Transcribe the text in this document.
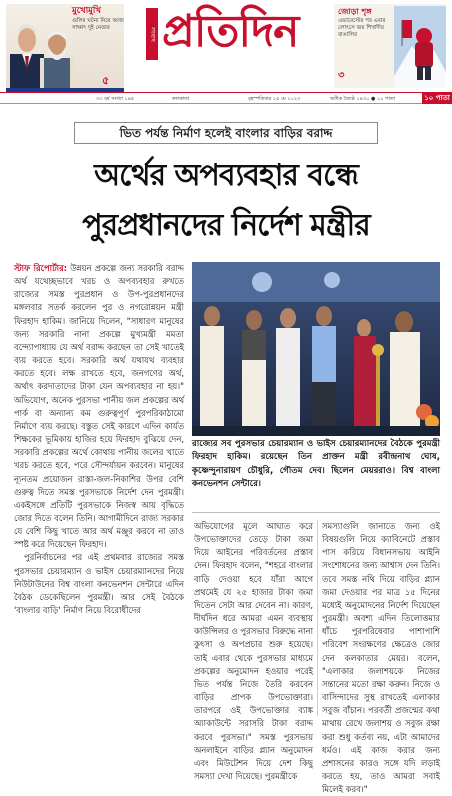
মুখোমুখি
গুলির ঘটনা নিয়ে আজ সাক্ষাৎ দুই নেতার
৫
সংবাদ প্রতিদিন	জোড়া শৃঙ্গ
এভারেস্টের পর এবার লোৎসে জয় শিখাদীর বাঙালির
৩
৩৩ বর্ষ সংখ্যা ১৪৫	কলকাতা	বৃহস্পতিবার ২৫ মে ২০২৩	অধিক জ্যৈষ্ঠ ১৪৩০ ● ১০ পাতা	১০ পাতা
ভিত পর্যন্ত নির্মাণ হলেই বাংলার বাড়ির বরাদ্দ
অর্থের অপব্যবহার বন্ধে
পুরপ্রধানদের নির্দেশ মন্ত্রীর

স্টাফ রিপোর্টার: উন্নয়ন প্রকল্পে জন্য সরকারি বরাদ্দ অর্থ যথেচ্ছভাবে খরচ ও অপব্যবহার রুখতে রাজ্যের সমস্ত পুরপ্রধান ও উপ-পুরপ্রধানদের মঙ্গলবার সতর্ক করলেন পুর ও নগরোন্নয়ন মন্ত্রী ফিরহাদ হাকিম। জানিয়ে দিলেন, "সাধারণ মানুষের জন্য সরকারি নানা প্রকল্পে মুখ্যমন্ত্রী মমতা বন্দ্যোপাধ্যায় যে অর্থ বরাদ্দ করছেন তা সেই খাতেই ব্যয় করতে হবে। সরকারি অর্থ যথাযথ ব্যবহার করতে হবে। লক্ষ রাখতে হবে, জনগণের অর্থ, অর্থাৎ করদাতাদের টাকা যেন অপব্যবহার না হয়।" অভিযোগ, অনেক পুরসভা পানীয় জল প্রকল্পের অর্থ পার্ক বা অন্যান্য কম গুরুত্বপূর্ণ পুরপরিকাঠামো নির্মাণে ব্যয় করছে। বস্তুত সেই কারণে এদিন কার্যত শিক্ষকের ভূমিকায় হাজির হয়ে ফিরহাদ বুঝিয়ে দেন, সরকারি প্রকল্পের অর্থে কোথায় পানীয় জলের খাতে খরচ করতে হবে, পরে সৌন্দর্যায়ন করবেন। মানুষের ন্যূনতম প্রয়োজন রাস্তা-জল-নিকাশির উপর বেশি গুরুত্ব দিতে সমস্ত পুরসভাকে নির্দেশ দেন পুরমন্ত্রী। একইসঙ্গে প্রতিটি পুরসভাকে নিজস্ব আয় বৃদ্ধিতে জোর দিতে বলেন তিনি। আগামীদিনে রাজ্য সরকার যে বেশি কিছু খাতে আর অর্থ মঞ্জুর করবে না তাও স্পষ্ট করে দিয়েছেন ফিরহাদ।

পুরনির্বাচনের পর এই প্রথমবার রাজ্যের সমস্ত পুরসভার চেয়ারম্যান ও ভাইস চেয়ারম্যানদের নিয়ে নিউটাউনের বিশ্ব বাংলা কনভেনশন সেন্টারে এদিন বৈঠক ডেকেছিলেন পুরমন্ত্রী। আর সেই বৈঠকে 'বাংলার বাড়ি' নির্মাণ নিয়ে বিরোধীদের

রাজ্যের সব পুরসভার চেয়ারম্যান ও ভাইস চেয়ারম্যানদের বৈঠকে পুরমন্ত্রী ফিরহাদ হাকিম। রয়েছেন তিন প্রাক্তন মন্ত্রী রবীন্দ্রনাথ ঘোষ, কৃষ্ণেন্দুনারায়ণ চৌধুরি, গৌতম দেব। ছিলেন মেয়ররাও। বিশ্ব বাংলা কনভেনশন সেন্টারে।

অভিযোগের মূলে আঘাত করে উপভোক্তাদের তেড়ে টাকা জমা দিয়ে আইনের পরিবর্তনের প্রস্তাব দেন। ফিরহাদ বলেন, "শহরে বাংলার বাড়ি দেওয়া হবে যাঁরা আগে প্রথমেই যে ২৫ হাজার টাকা জমা দিতেন সেটা আর দেবেন না। কারণ, দীর্ঘদিন ধরে আমরা এমন ব্যবস্থায় কাউন্সিলর ও পুরসভার বিরুদ্ধে নানা কুৎসা ও অপপ্রচার শুরু হয়েছে। তাই এবার থেকে পুরসভার মাধ্যমে প্রকল্পের অনুমোদন হওয়ার পরেই ভিত পর্যন্ত নিজে তৈরি করবেন বাড়ির প্রাপক উপভোক্তারা। তারপরে ওই উপভোক্তার ব্যাঙ্ক অ্যাকাউন্টে সরাসরি টাকা বরাদ্দ করবে পুরসভা।" সমস্ত পুরসভায় অনলাইনে বাড়ির প্ল্যান অনুমোদন এবং মিউটেশন দিয়ে দেশ কিছু সমস্যা দেখা দিয়েছে। পুরমন্ত্রীকে
সমস্যাগুলি জানাতে জন্য ওই বিষয়গুলি নিয়ে ক্যাবিনেটে প্রস্তাব পাস করিয়ে বিধানসভায় আইনি সংশোধনের জন্য আশ্বাস দেন তিনি। তবে সমস্ত নথি দিয়ে বাড়ির প্ল্যান জমা দেওয়ার পর মাত্র ১৫ দিনের মধ্যেই অনুমোদনের নির্দেশ দিয়েছেন পুরমন্ত্রী। অবশ্য এদিন তিলোত্তমার ধাঁচে পুরপরিষেবার পাশাপাশি পরিবেশ সংরক্ষণের ক্ষেত্রেও জোর দেন কলকাতার মেয়র। বলেন, "এলাকার জলাশয়কে নিজের সন্তানের মতো রক্ষা করুন। নিজে ও বাসিন্দাদের সুস্থ রাখতেই এলাকার সবুজ বাঁচান। পরবর্তী প্রজন্মের কথা মাথায় রেখে জলাশয় ও সবুজ রক্ষা করা শুধু কর্তব্য নয়, এটা আমাদের ধর্মও। এই কাজ করার জন্য প্রশাসনের কারও সঙ্গে যদি লড়াই করতে হয়, তাও আমরা সবাই মিলেই করব।"
